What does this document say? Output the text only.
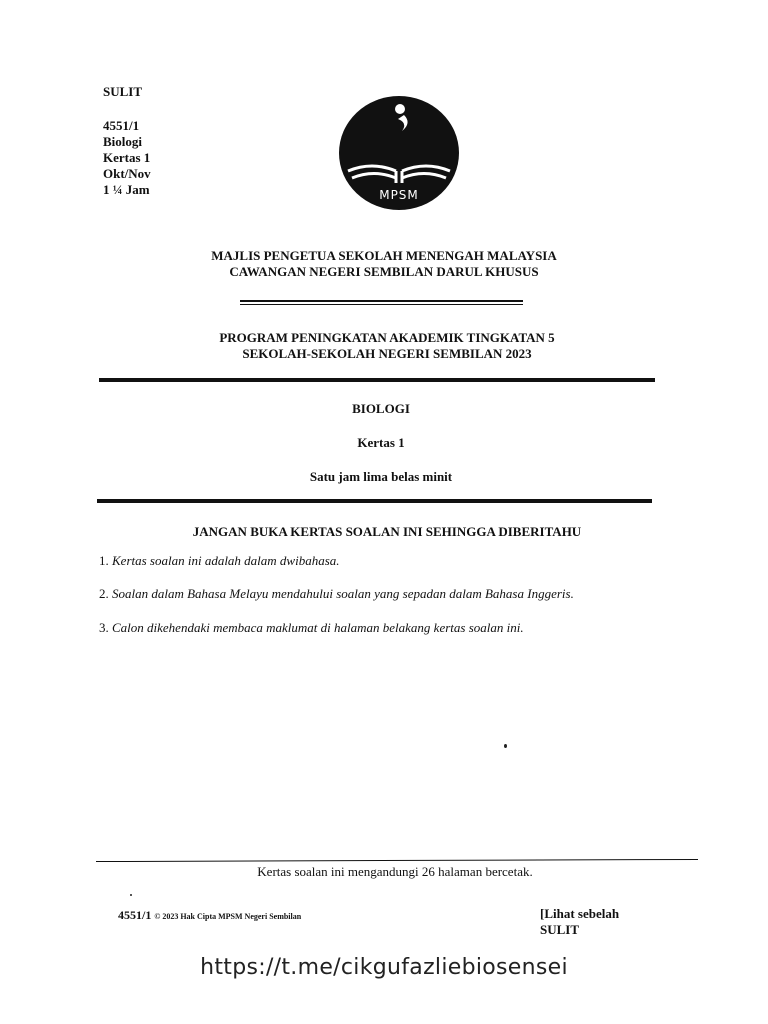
SULIT
4551/1
Biologi
Kertas 1
Okt/Nov
1 ¼ Jam	MPSM
MAJLIS PENGETUA SEKOLAH MENENGAH MALAYSIA
CAWANGAN NEGERI SEMBILAN DARUL KHUSUS
PROGRAM PENINGKATAN AKADEMIK TINGKATAN 5
SEKOLAH-SEKOLAH NEGERI SEMBILAN 2023
BIOLOGI
Kertas 1
Satu jam lima belas minit
JANGAN BUKA KERTAS SOALAN INI SEHINGGA DIBERITAHU
1. Kertas soalan ini adalah dalam dwibahasa.
2. Soalan dalam Bahasa Melayu mendahului soalan yang sepadan dalam Bahasa Inggeris.
3. Calon dikehendaki membaca maklumat di halaman belakang kertas soalan ini.
Kertas soalan ini mengandungi 26 halaman bercetak.
4551/1 © 2023 Hak Cipta MPSM Negeri Sembilan	[Lihat sebelah
SULIT
https://t.me/cikgufazliebiosensei
